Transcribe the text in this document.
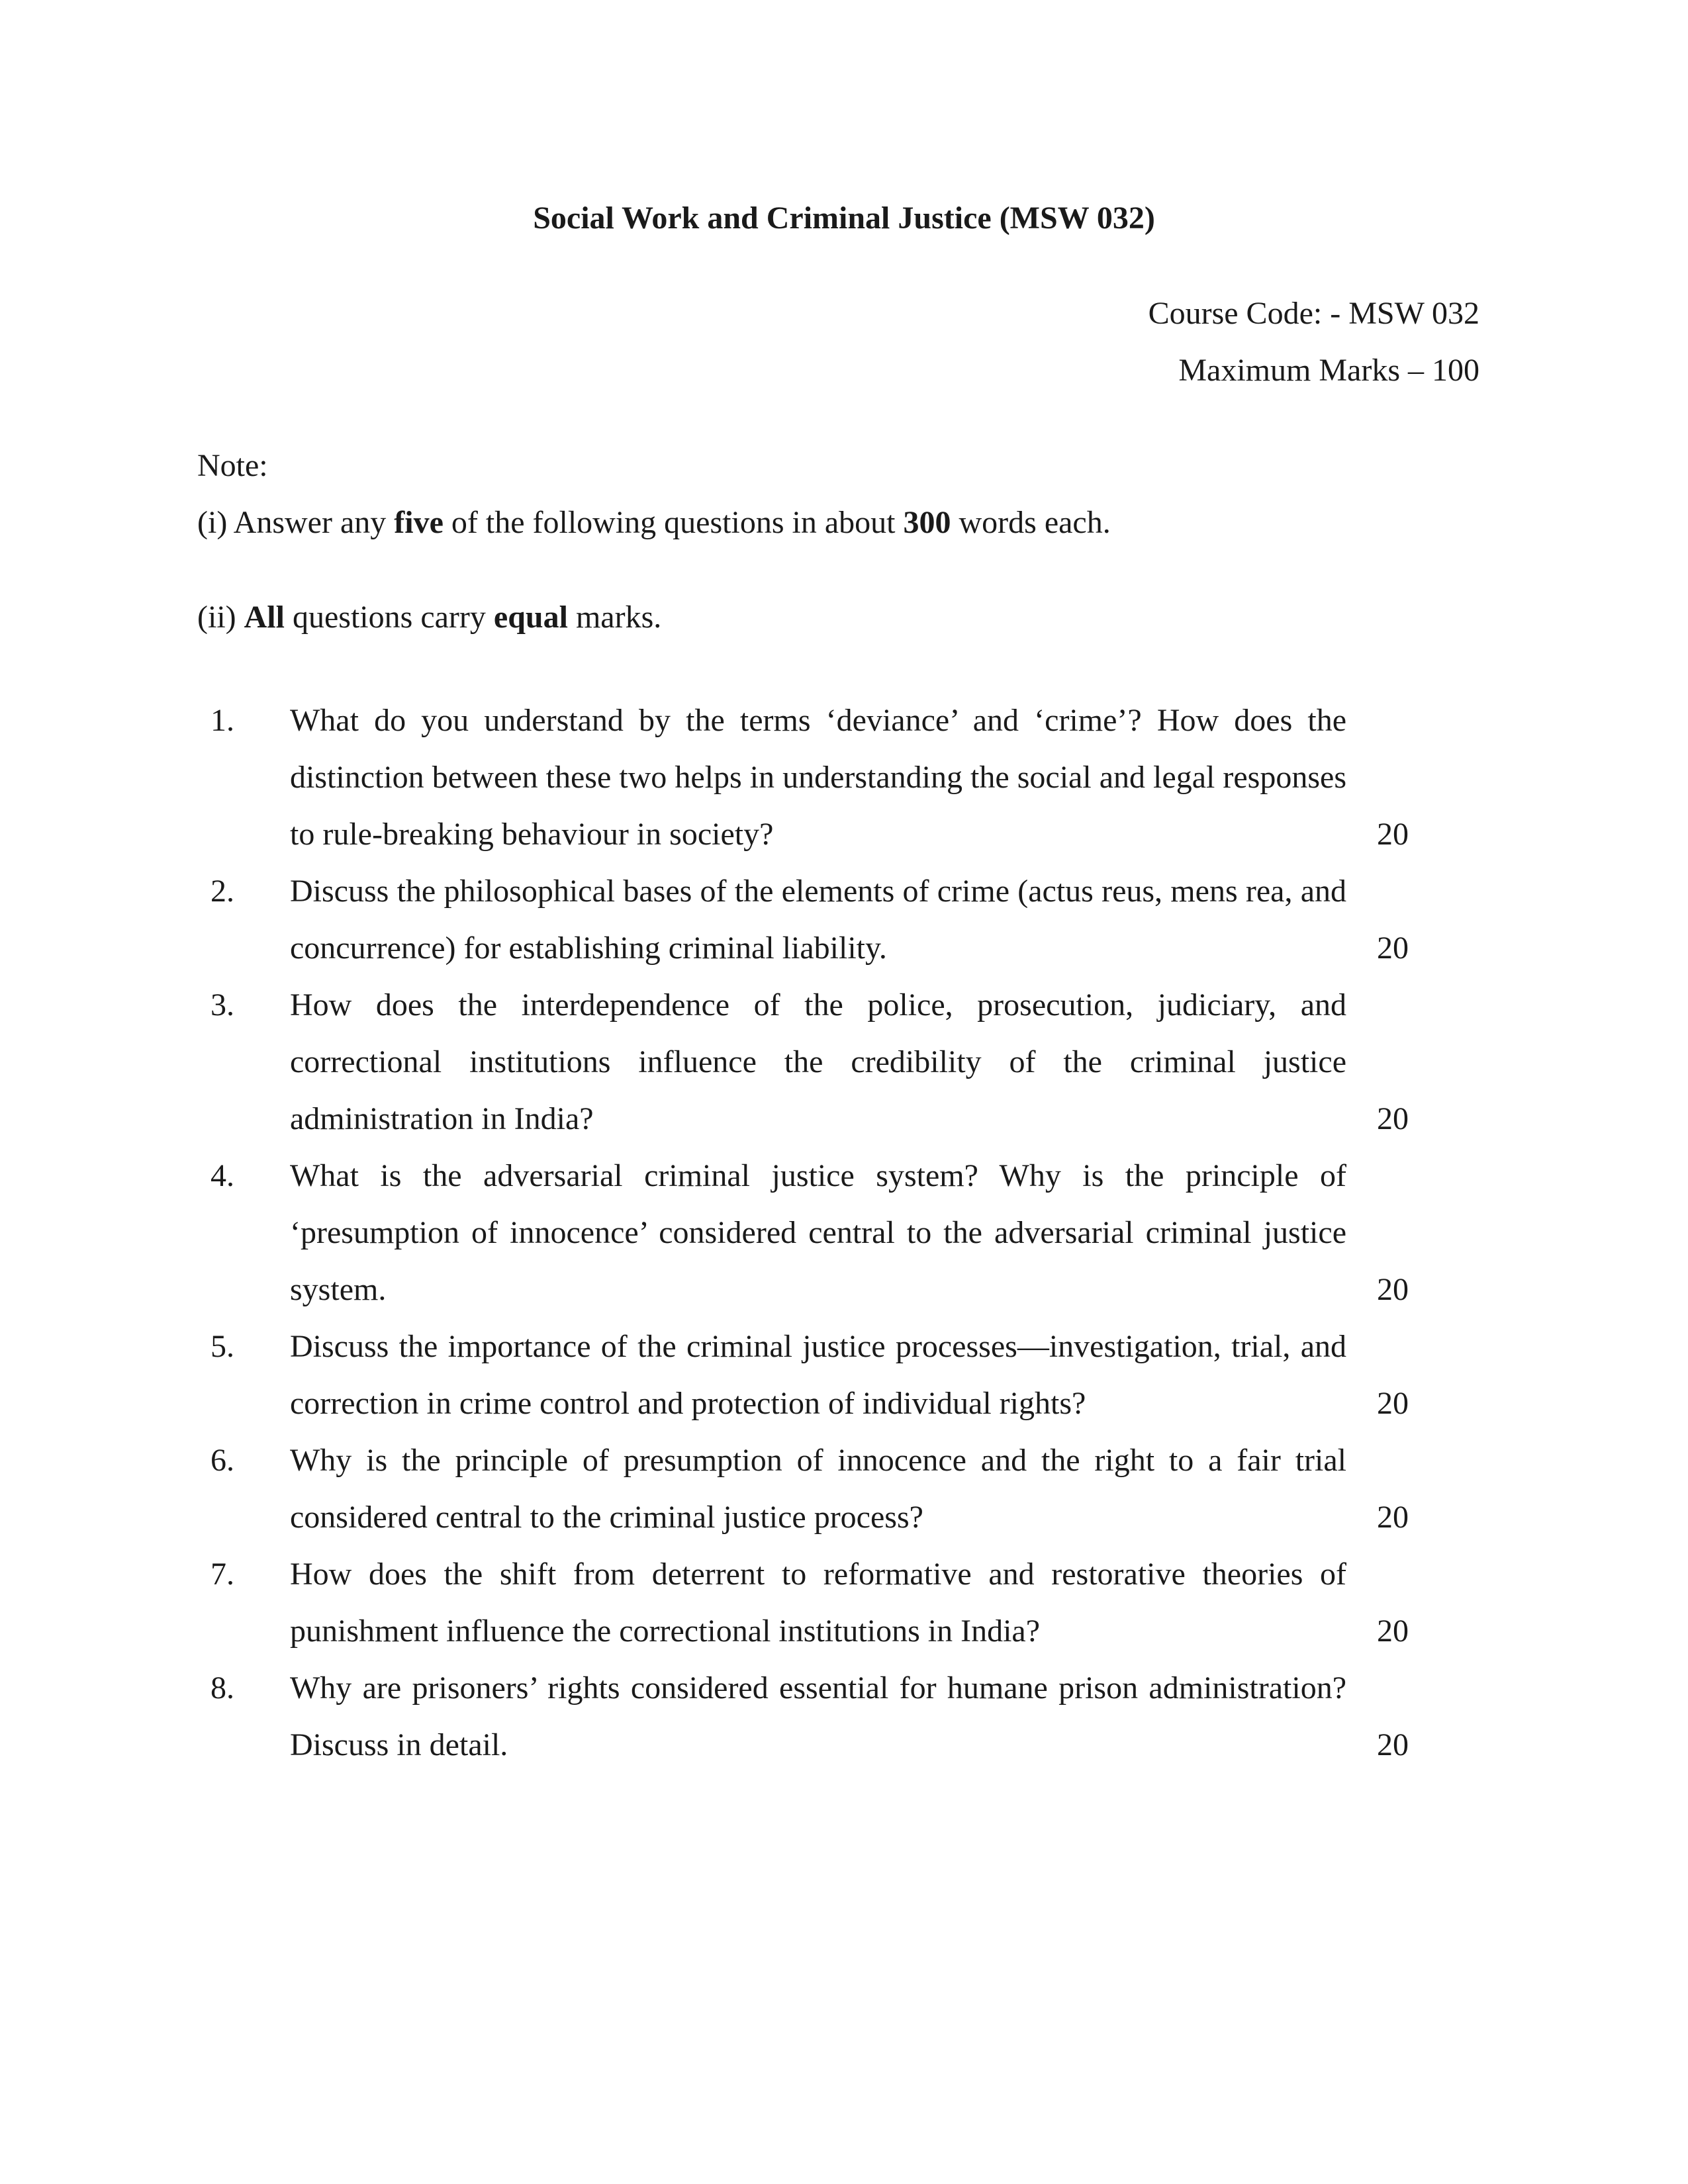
Social Work and Criminal Justice (MSW 032)
Course Code: - MSW 032
Maximum Marks – 100
Note:
(i) Answer any five of the following questions in about 300 words each.
(ii) All questions carry equal marks.
1.	What do you understand by the terms ‘deviance’ and ‘crime’? How does the distinction between these two helps in understanding the social and legal responses to rule-breaking behaviour in society?	20
2.	Discuss the philosophical bases of the elements of crime (actus reus, mens rea, and concurrence) for establishing criminal liability.	20
3.	How does the interdependence of the police, prosecution, judiciary, and correctional institutions influence the credibility of the criminal justice administration in India?	20
4.	What is the adversarial criminal justice system? Why is the principle of ‘presumption of innocence’ considered central to the adversarial criminal justice system.	20
5.	Discuss the importance of the criminal justice processes—investigation, trial, and correction in crime control and protection of individual rights?	20
6.	Why is the principle of presumption of innocence and the right to a fair trial considered central to the criminal justice process?	20
7.	How does the shift from deterrent to reformative and restorative theories of punishment influence the correctional institutions in India?	20
8.	Why are prisoners’ rights considered essential for humane prison administration? Discuss in detail.	20
